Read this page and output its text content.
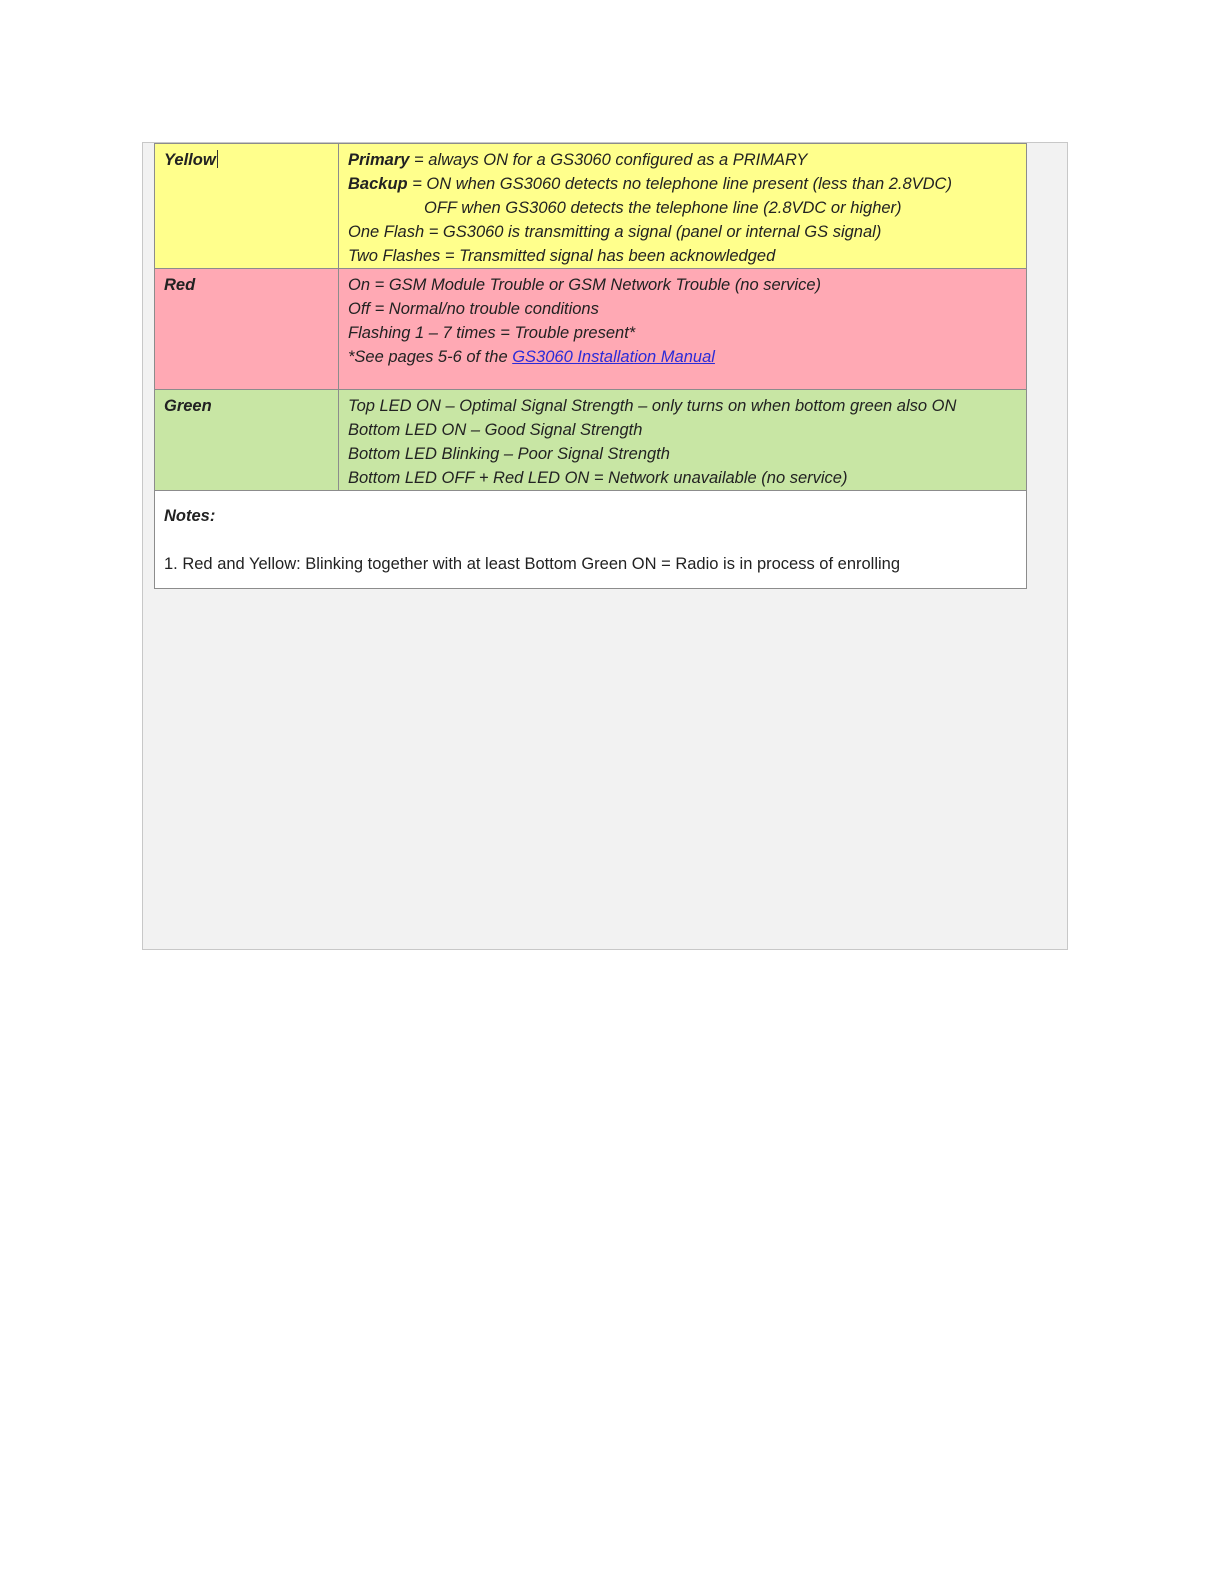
Yellow	Primary = always ON for a GS3060 configured as a PRIMARY
Backup = ON when GS3060 detects no telephone line present (less than 2.8VDC)
OFF when GS3060 detects the telephone line (2.8VDC or higher)
One Flash = GS3060 is transmitting a signal (panel or internal GS signal)
Two Flashes = Transmitted signal has been acknowledged

Red	On = GSM Module Trouble or GSM Network Trouble (no service)
Off = Normal/no trouble conditions
Flashing 1 – 7 times = Trouble present*
*See pages 5-6 of the GS3060 Installation Manual

Green	Top LED ON – Optimal Signal Strength – only turns on when bottom green also ON
Bottom LED ON – Good Signal Strength
Bottom LED Blinking – Poor Signal Strength
Bottom LED OFF + Red LED ON = Network unavailable (no service)

Notes:
1. Red and Yellow: Blinking together with at least Bottom Green ON = Radio is in process of enrolling	
